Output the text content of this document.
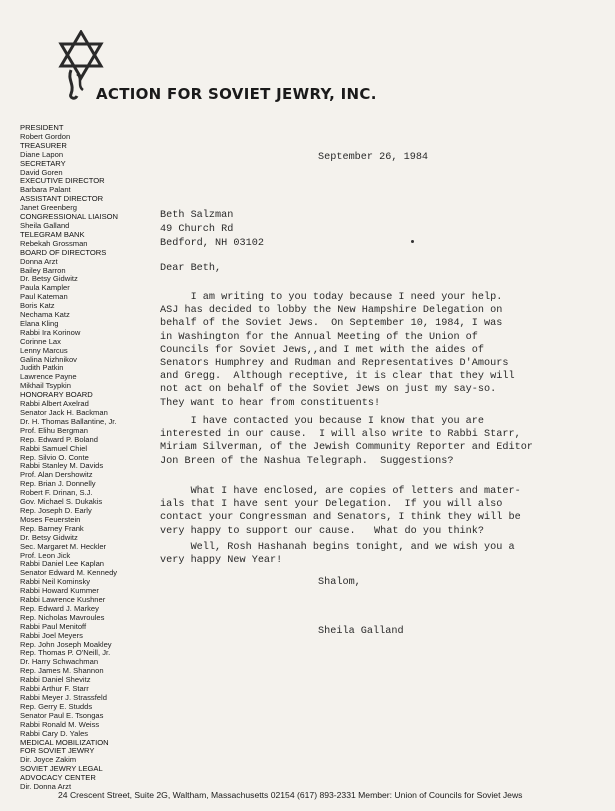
ACTION FOR SOVIET JEWRY, INC.
PRESIDENT
Robert Gordon
TREASURER
Diane Lapon
SECRETARY
David Goren
EXECUTIVE DIRECTOR
Barbara Palant
ASSISTANT DIRECTOR
Janet Greenberg
CONGRESSIONAL LIAISON
Sheila Galland
TELEGRAM BANK
Rebekah Grossman
BOARD OF DIRECTORS
Donna Arzt
Bailey Barron
Dr. Betsy Gidwitz
Paula Kampler
Paul Kateman
Boris Katz
Nechama Katz
Elana Kling
Rabbi Ira Korinow
Corinne Lax
Lenny Marcus
Galina Nizhnikov
Judith Patkin
Lawrence Payne
Mikhail Tsypkin
HONORARY BOARD
Rabbi Albert Axelrad
Senator Jack H. Backman
Dr. H. Thomas Ballantine, Jr.
Prof. Elihu Bergman
Rep. Edward P. Boland
Rabbi Samuel Chiel
Rep. Silvio O. Conte
Rabbi Stanley M. Davids
Prof. Alan Dershowitz
Rep. Brian J. Donnelly
Robert F. Drinan, S.J.
Gov. Michael S. Dukakis
Rep. Joseph D. Early
Moses Feuerstein
Rep. Barney Frank
Dr. Betsy Gidwitz
Sec. Margaret M. Heckler
Prof. Leon Jick
Rabbi Daniel Lee Kaplan
Senator Edward M. Kennedy
Rabbi Neil Kominsky
Rabbi Howard Kummer
Rabbi Lawrence Kushner
Rep. Edward J. Markey
Rep. Nicholas Mavroules
Rabbi Paul Menitoff
Rabbi Joel Meyers
Rep. John Joseph Moakley
Rep. Thomas P. O'Neill, Jr.
Dr. Harry Schwachman
Rep. James M. Shannon
Rabbi Daniel Shevitz
Rabbi Arthur F. Starr
Rabbi Meyer J. Strassfeld
Rep. Gerry E. Studds
Senator Paul E. Tsongas
Rabbi Ronald M. Weiss
Rabbi Cary D. Yales
MEDICAL MOBILIZATION
FOR SOVIET JEWRY
Dir. Joyce Zakim
SOVIET JEWRY LEGAL
ADVOCACY CENTER
Dir. Donna Arzt
September 26, 1984
Beth Salzman
49 Church Rd
Bedford, NH 03102
Dear Beth,
I am writing to you today because I need your help.
ASJ has decided to lobby the New Hampshire Delegation on
behalf of the Soviet Jews.  On September 10, 1984, I was
in Washington for the Annual Meeting of the Union of
Councils for Soviet Jews,,and I met with the aides of
Senators Humphrey and Rudman and Representatives D'Amours
and Gregg.  Although receptive, it is clear that they will
not act on behalf of the Soviet Jews on just my say-so.
They want to hear from constituents!
I have contacted you because I know that you are
interested in our cause.  I will also write to Rabbi Starr,
Miriam Silverman, of the Jewish Community Reporter and Editor
Jon Breen of the Nashua Telegraph.  Suggestions?
What I have enclosed, are copies of letters and mater-
ials that I have sent your Delegation.  If you will also
contact your Congressman and Senators, I think they will be
very happy to support our cause.   What do you think?
Well, Rosh Hashanah begins tonight, and we wish you a
very happy New Year!
Shalom,
Sheila Galland
24 Crescent Street, Suite 2G, Waltham, Massachusetts 02154 (617) 893-2331 Member: Union of Councils for Soviet Jews
